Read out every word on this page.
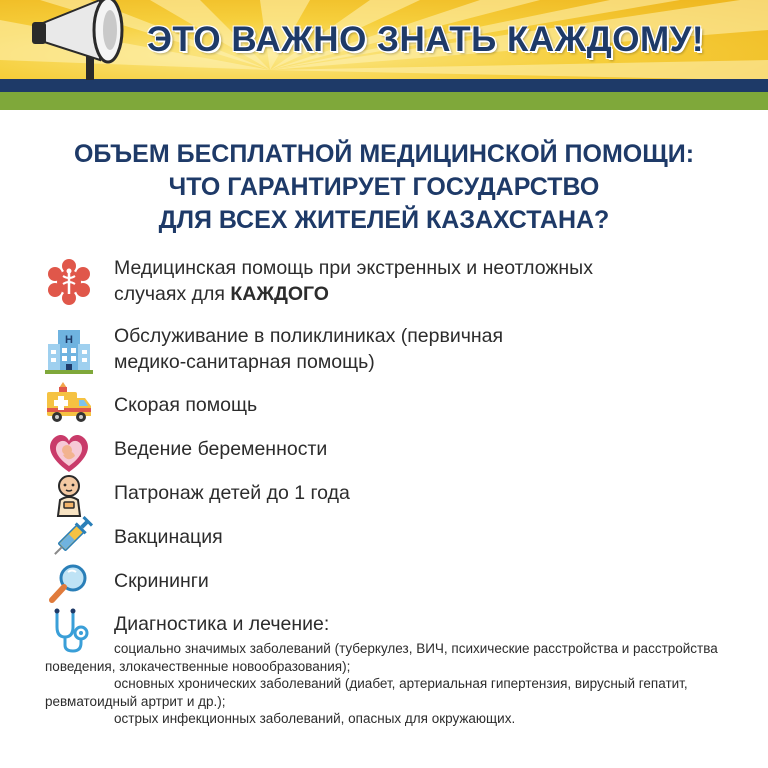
ЭТО ВАЖНО ЗНАТЬ КАЖДОМУ!
ОБЪЕМ БЕСПЛАТНОЙ МЕДИЦИНСКОЙ ПОМОЩИ:
ЧТО ГАРАНТИРУЕТ ГОСУДАРСТВО
ДЛЯ ВСЕХ ЖИТЕЛЕЙ КАЗАХСТАНА?
Медицинская помощь при экстренных и неотложных
случаях для КАЖДОГО
H Обслуживание в поликлиниках (первичная
медико-санитарная помощь)
Скорая помощь
Ведение беременности
Патронаж детей до 1 года
Вакцинация
Скрининги
Диагностика и лечение:

социально значимых заболеваний (туберкулез, ВИЧ, психические расстройства и расстройства поведения, злокачественные новообразования);

основных хронических заболеваний (диабет, артериальная гипертензия, вирусный гепатит, ревматоидный артрит и др.);

острых инфекционных заболеваний, опасных для окружающих.
